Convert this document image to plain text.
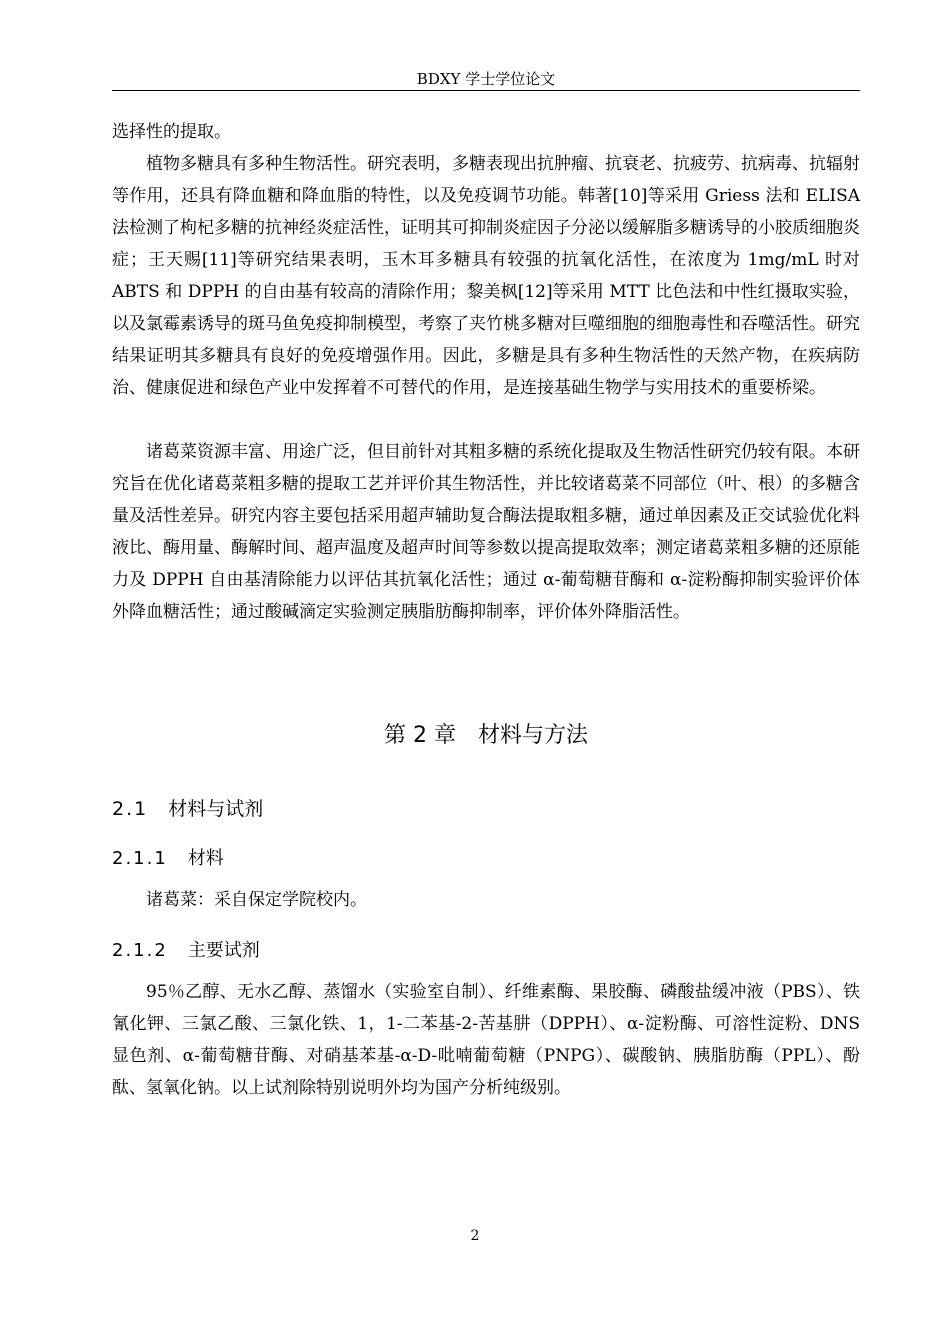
BDXY 学士学位论文

选择性的提取。

植物多糖具有多种生物活性。研究表明，多糖表现出抗肿瘤、抗衰老、抗疲劳、抗病毒、抗辐射等作用，还具有降血糖和降血脂的特性，以及免疫调节功能。韩著[10]等采用 Griess 法和 ELISA 法检测了枸杞多糖的抗神经炎症活性，证明其可抑制炎症因子分泌以缓解脂多糖诱导的小胶质细胞炎症；王天赐[11]等研究结果表明，玉木耳多糖具有较强的抗氧化活性，在浓度为 1mg/mL 时对 ABTS 和 DPPH 的自由基有较高的清除作用；黎美枫[12]等采用 MTT 比色法和中性红摄取实验，以及氯霉素诱导的斑马鱼免疫抑制模型，考察了夹竹桃多糖对巨噬细胞的细胞毒性和吞噬活性。研究结果证明其多糖具有良好的免疫增强作用。因此，多糖是具有多种生物活性的天然产物，在疾病防治、健康促进和绿色产业中发挥着不可替代的作用，是连接基础生物学与实用技术的重要桥梁。

诸葛菜资源丰富、用途广泛，但目前针对其粗多糖的系统化提取及生物活性研究仍较有限。本研究旨在优化诸葛菜粗多糖的提取工艺并评价其生物活性，并比较诸葛菜不同部位（叶、根）的多糖含量及活性差异。研究内容主要包括采用超声辅助复合酶法提取粗多糖，通过单因素及正交试验优化料液比、酶用量、酶解时间、超声温度及超声时间等参数以提高提取效率；测定诸葛菜粗多糖的还原能力及 DPPH 自由基清除能力以评估其抗氧化活性；通过 α-葡萄糖苷酶和 α-淀粉酶抑制实验评价体外降血糖活性；通过酸碱滴定实验测定胰脂肪酶抑制率，评价体外降脂活性。

第 2 章　材料与方法
2.1 材料与试剂
2.1.1 材料

诸葛菜：采自保定学院校内。

2.1.2 主要试剂

95％乙醇、无水乙醇、蒸馏水（实验室自制）、纤维素酶、果胶酶、磷酸盐缓冲液（PBS）、铁氰化钾、三氯乙酸、三氯化铁、1，1-二苯基-2-苦基肼（DPPH）、α-淀粉酶、可溶性淀粉、DNS 显色剂、α-葡萄糖苷酶、对硝基苯基-α-D-吡喃葡萄糖（PNPG）、碳酸钠、胰脂肪酶（PPL）、酚酞、氢氧化钠。以上试剂除特别说明外均为国产分析纯级别。

2
